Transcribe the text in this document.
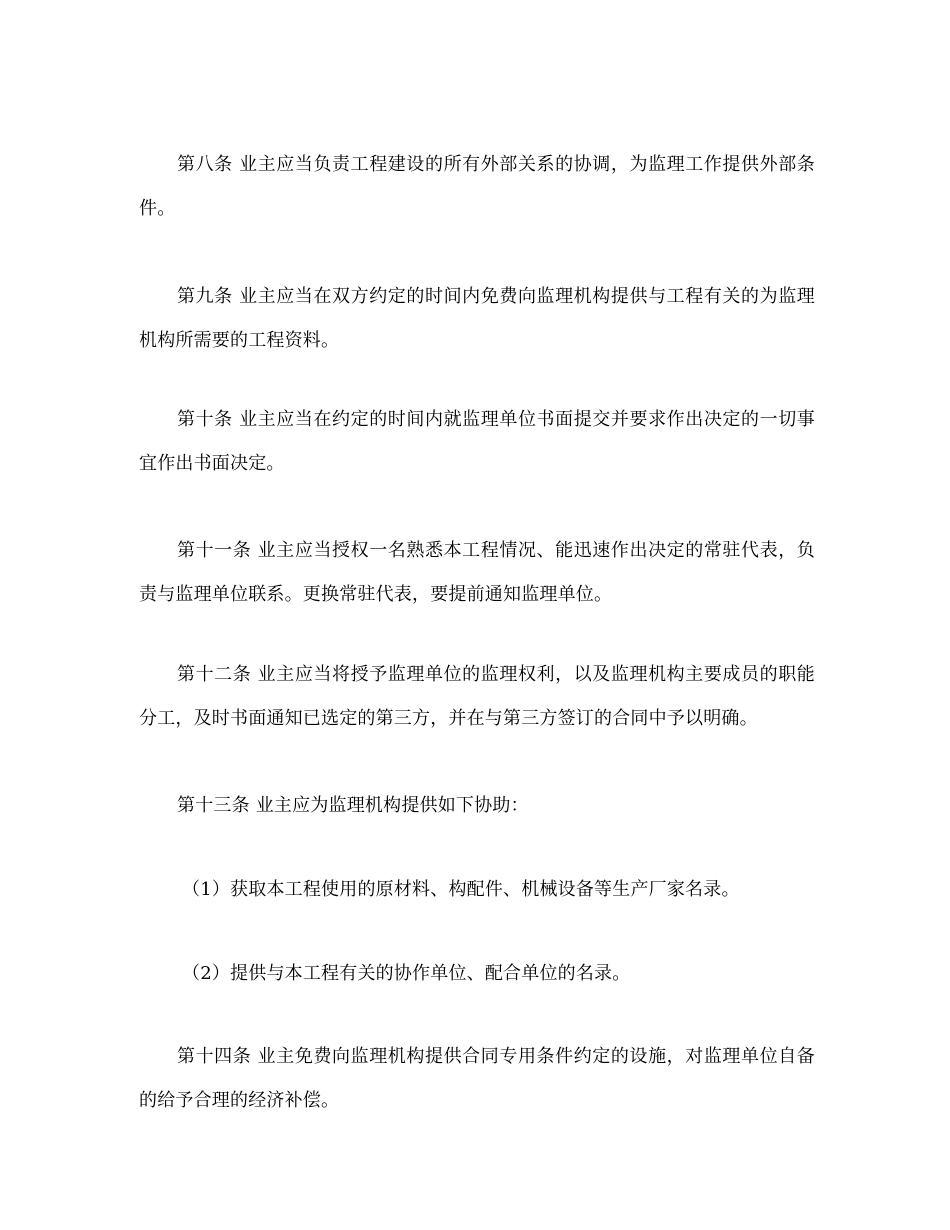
第八条 业主应当负责工程建设的所有外部关系的协调，为监理工作提供外部条件。

第九条 业主应当在双方约定的时间内免费向监理机构提供与工程有关的为监理机构所需要的工程资料。

第十条 业主应当在约定的时间内就监理单位书面提交并要求作出决定的一切事宜作出书面决定。

第十一条 业主应当授权一名熟悉本工程情况、能迅速作出决定的常驻代表，负责与监理单位联系。更换常驻代表，要提前通知监理单位。

第十二条 业主应当将授予监理单位的监理权利，以及监理机构主要成员的职能分工，及时书面通知已选定的第三方，并在与第三方签订的合同中予以明确。

第十三条 业主应为监理机构提供如下协助：

（1）获取本工程使用的原材料、构配件、机械设备等生产厂家名录。

（2）提供与本工程有关的协作单位、配合单位的名录。

第十四条 业主免费向监理机构提供合同专用条件约定的设施，对监理单位自备的给予合理的经济补偿。
